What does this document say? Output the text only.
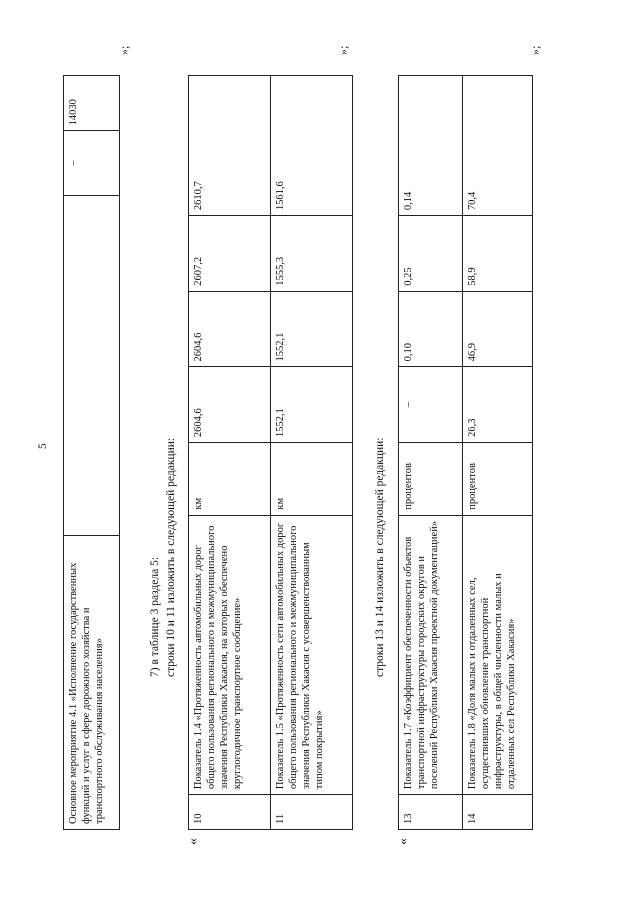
5
Основное мероприятие 4.1 «Исполнение государственных функций и услуг в сфере дорожного хозяйства и транспортного обслуживания населения»		–	14030
»;
7) в таблице 3 раздела 5: строки 10 и 11 изложить в следующей редакции:
«
10	Показатель 1.4 «Протяженность автомобильных дорог общего пользования регионального и межмуниципального значения Республики Хакасия, на которых обеспечено круглогодичное транспортное сообщение»	км	2604,6	2604,6	2607,2	2610,7
11	Показатель 1.5 «Протяженность сети автомобильных дорог общего пользования регионального и межмуниципального значения Республики Хакасия с усовершенствованным типом покрытия»	км	1552,1	1552,1	1555,3	1561,6
»;
строки 13 и 14 изложить в следующей редакции:
«
13	Показатель 1.7 «Коэффициент обеспеченности объектов транспортной инфраструктуры городских округов и поселений Республики Хакасия проектной документацией»	процентов	–	0,10	0,25	0,14
14	Показатель 1.8 «Доля малых и отдаленных сел, осуществивших обновление транспортной инфраструктуры, в общей численности малых и отдаленных сел Республики Хакасия»	процентов	26,3	46,9	58,9	70,4
»;
